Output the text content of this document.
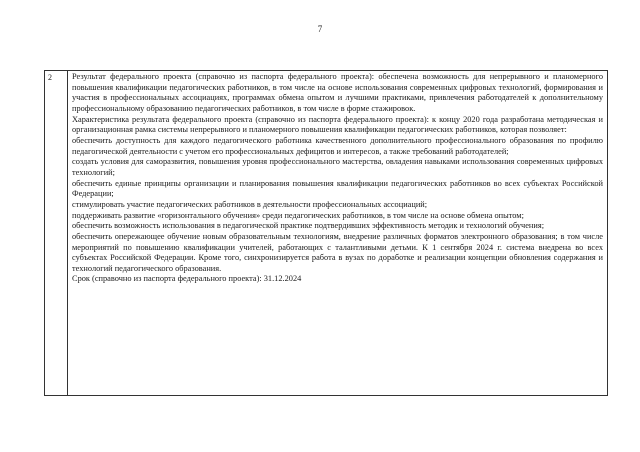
7
2	Результат федерального проекта (справочно из паспорта федерального проекта): обеспечена возможность для непрерывного и планомерного повышения квалификации педагогических работников, в том числе на основе использования современных цифровых технологий, формирования и участия в профессиональных ассоциациях, программах обмена опытом и лучшими практиками, привлечения работодателей к дополнительному профессиональному образованию педагогических работников, в том числе в форме стажировок.

Характеристика результата федерального проекта (справочно из паспорта федерального проекта): к концу 2020 года разработана методическая и организационная рамка системы непрерывного и планомерного повышения квалификации педагогических работников, которая позволяет:

обеспечить доступность для каждого педагогического работника качественного дополнительного профессионального образования по профилю педагогической деятельности с учетом его профессиональных дефицитов и интересов, а также требований работодателей;

создать условия для саморазвития, повышения уровня профессионального мастерства, овладения навыками использования современных цифровых технологий;

обеспечить единые принципы организации и планирования повышения квалификации педагогических работников во всех субъектах Российской Федерации;

стимулировать участие педагогических работников в деятельности профессиональных ассоциаций;

поддерживать развитие «горизонтального обучения» среди педагогических работников, в том числе на основе обмена опытом;

обеспечить возможность использования в педагогической практике подтвердивших эффективность методик и технологий обучения;

обеспечить опережающее обучение новым образовательным технологиям, внедрение различных форматов электронного образования; в том числе мероприятий по повышению квалификации учителей, работающих с талантливыми детьми. К 1 сентября 2024 г. система внедрена во всех субъектах Российской Федерации. Кроме того, синхронизируется работа в вузах по доработке и реализации концепции обновления содержания и технологий педагогического образования.

Срок (справочно из паспорта федерального проекта): 31.12.2024
